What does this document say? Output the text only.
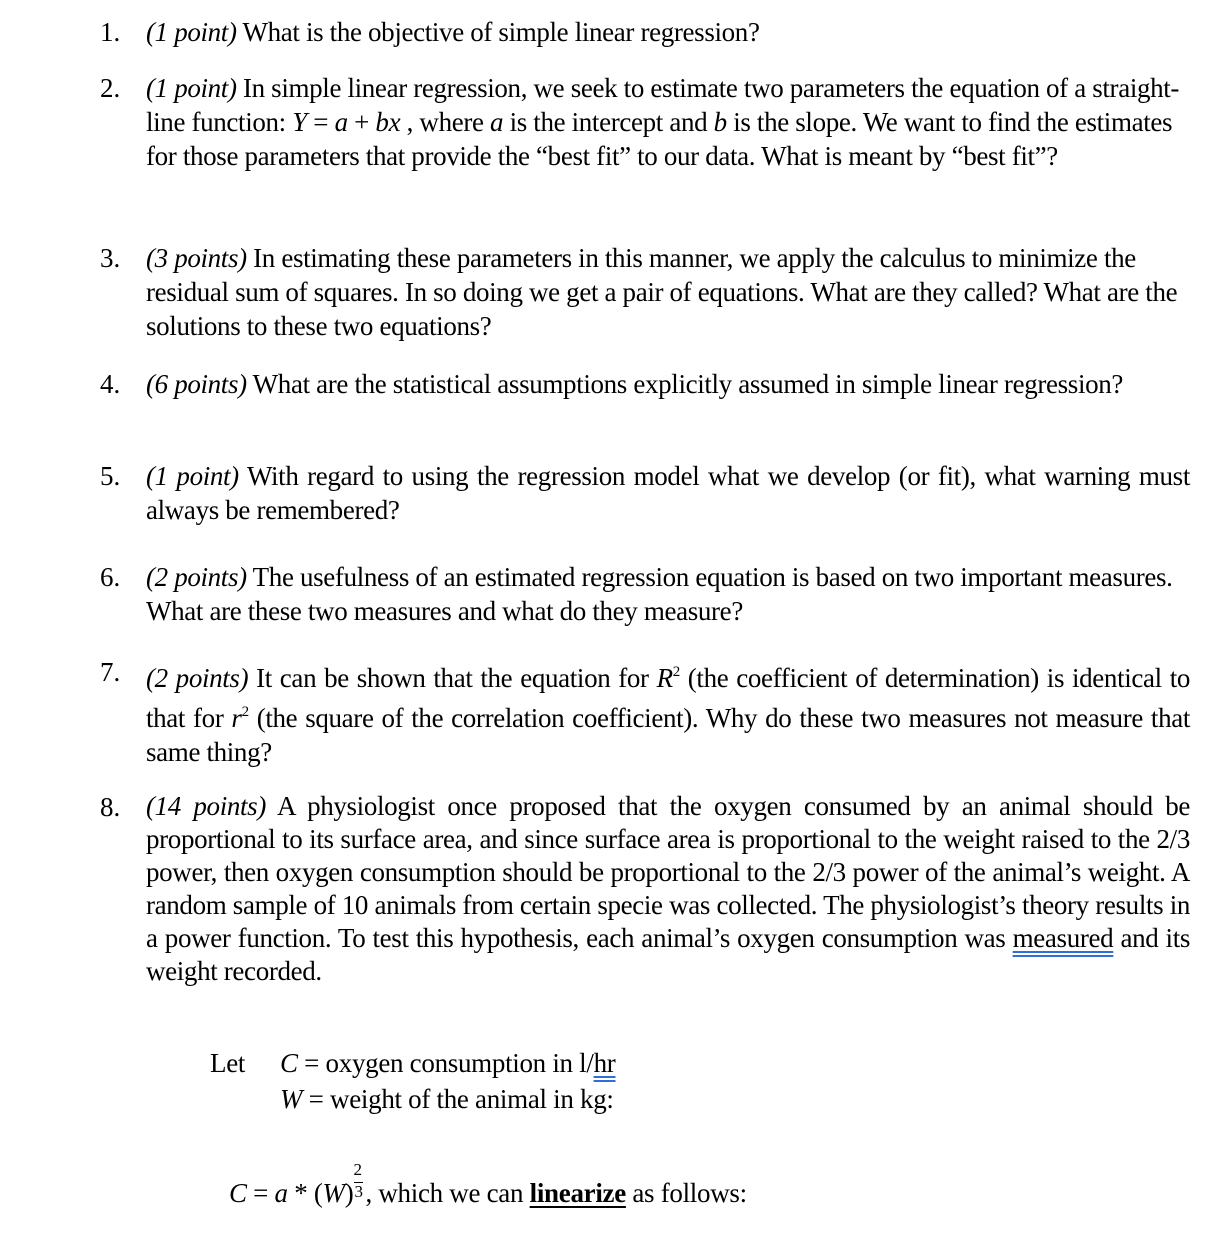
1. (1 point) What is the objective of simple linear regression?
2. (1 point) In simple linear regression, we seek to estimate two parameters the equation of a straight-line function: Y = a + bx , where a is the intercept and b is the slope. We want to find the estimates for those parameters that provide the “best fit” to our data. What is meant by “best fit”?
3. (3 points) In estimating these parameters in this manner, we apply the calculus to minimize the residual sum of squares. In so doing we get a pair of equations. What are they called? What are the solutions to these two equations?
4. (6 points) What are the statistical assumptions explicitly assumed in simple linear regression?
5. (1 point) With regard to using the regression model what we develop (or fit), what warning must always be remembered?
6. (2 points) The usefulness of an estimated regression equation is based on two important measures. What are these two measures and what do they measure?
7. (2 points) It can be shown that the equation for $R^2$ (the coefficient of determination) is identical to that for $r^2$ (the square of the correlation coefficient). Why do these two measures not measure that same thing?
8. (14 points) A physiologist once proposed that the oxygen consumed by an animal should be proportional to its surface area, and since surface area is proportional to the weight raised to the 2/3 power, then oxygen consumption should be proportional to the 2/3 power of the animal’s weight. A random sample of 10 animals from certain specie was collected. The physiologist’s theory results in a power function. To test this hypothesis, each animal’s oxygen consumption was measured and its weight recorded.
Let C = oxygen consumption in l/hr
W = weight of the animal in kg:
C = a * (W)
$\frac{2}{3}$
, which we can linearize as follows:
